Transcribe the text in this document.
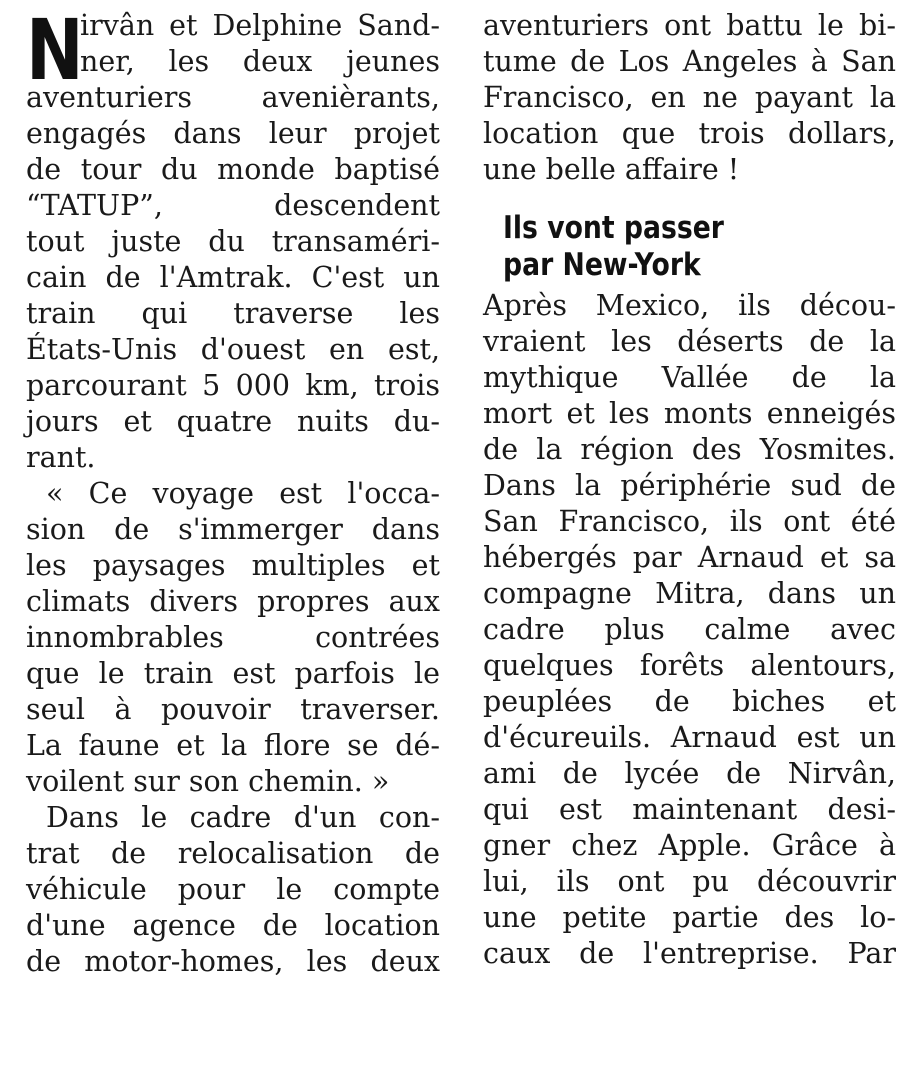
N
irvân et Delphine Sand-
ner, les deux jeunes
aventuriers avenièrants,
engagés dans leur projet
de tour du monde baptisé
“TATUP”, descendent
tout juste du transaméri-
cain de l'Amtrak. C'est un
train qui traverse les
États-Unis d'ouest en est,
parcourant 5 000 km, trois
jours et quatre nuits du-
rant.
« Ce voyage est l'occa-
sion de s'immerger dans
les paysages multiples et
climats divers propres aux
innombrables contrées
que le train est parfois le
seul à pouvoir traverser.
La faune et la flore se dé-
voilent sur son chemin. »
Dans le cadre d'un con-
trat de relocalisation de
véhicule pour le compte
d'une agence de location
de motor-homes, les deux
aventuriers ont battu le bi-
tume de Los Angeles à San
Francisco, en ne payant la
location que trois dollars,
une belle affaire !
Ils vont passer
par New-York
Après Mexico, ils décou-
vraient les déserts de la
mythique Vallée de la
mort et les monts enneigés
de la région des Yosmites.
Dans la périphérie sud de
San Francisco, ils ont été
hébergés par Arnaud et sa
compagne Mitra, dans un
cadre plus calme avec
quelques forêts alentours,
peuplées de biches et
d'écureuils. Arnaud est un
ami de lycée de Nirvân,
qui est maintenant desi-
gner chez Apple. Grâce à
lui, ils ont pu découvrir
une petite partie des lo-
caux de l'entreprise. Par
